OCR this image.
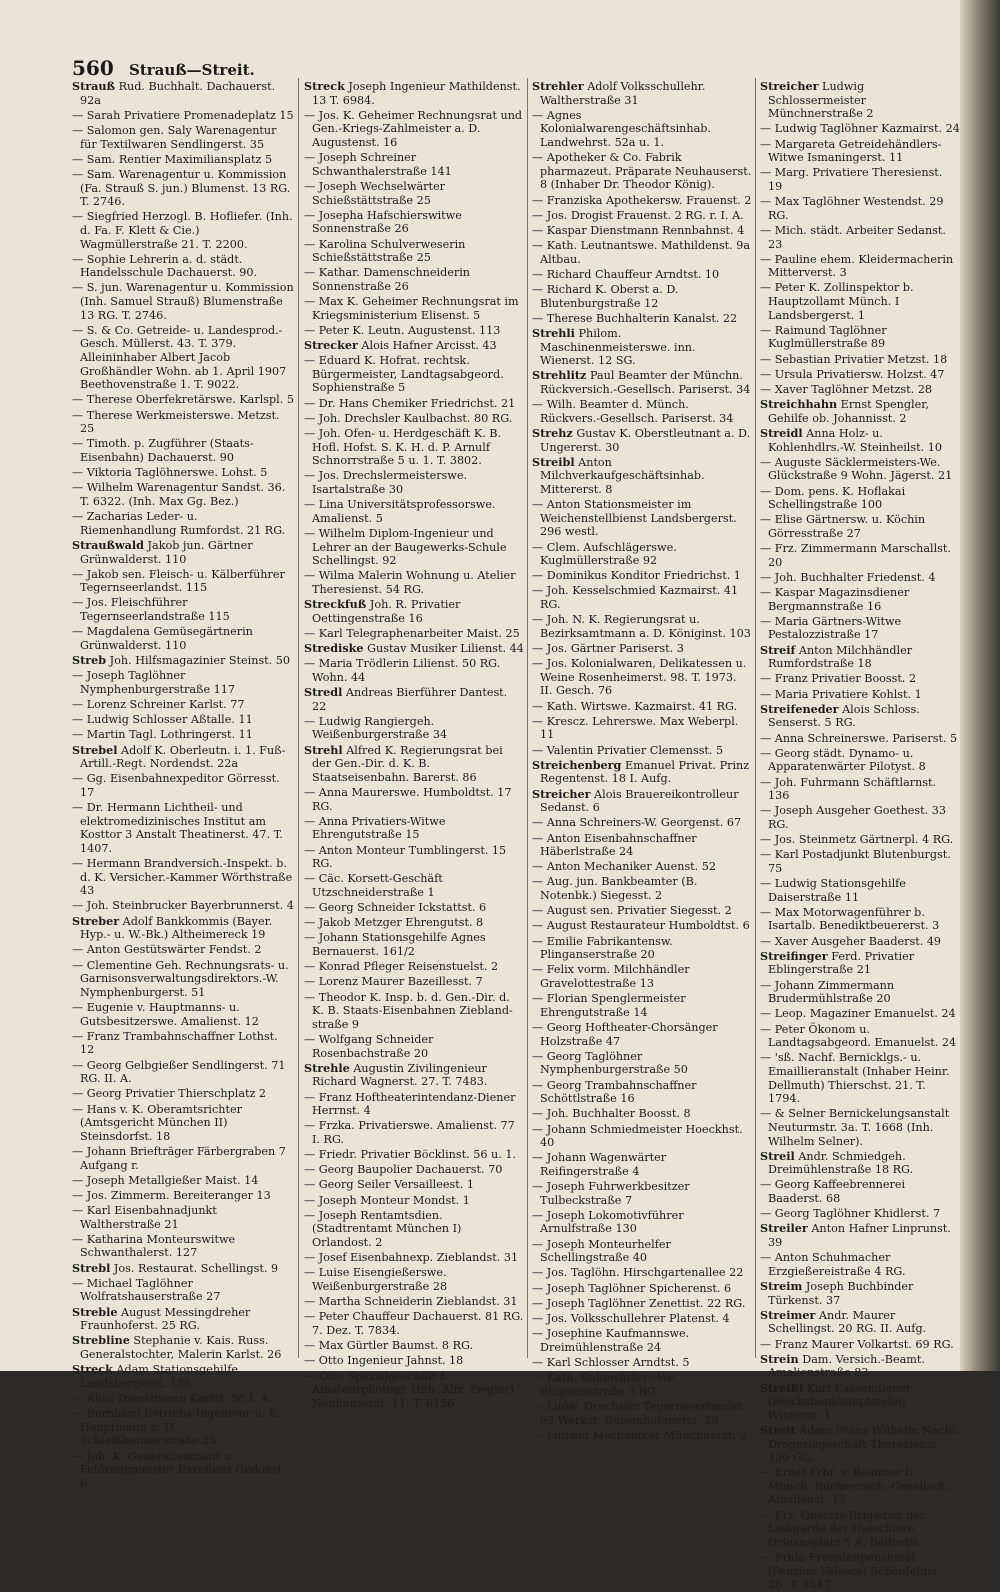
560 Strauß—Streit.
Strauß Rud. Buchhalt. Dachauerst. 92a
— Sarah Privatiere Promenadeplatz 15
— Salomon gen. Saly Warenagentur für Textilwaren Sendlingerst. 35
— Sam. Rentier Maximiliansplatz 5
— Sam. Warenagentur u. Kommission (Fa. Strauß S. jun.) Blumenst. 13 RG. T. 2746.
— Siegfried Herzogl. B. Hofliefer. (Inh. d. Fa. F. Klett & Cie.) Wagmüllerstraße 21. T. 2200.
— Sophie Lehrerin a. d. städt. Handelsschule Dachauerst. 90.
— S. jun. Warenagentur u. Kommission (Inh. Samuel Strauß) Blumenstraße 13 RG. T. 2746.
— S. & Co. Getreide- u. Landesprod.-Gesch. Müllerst. 43. T. 379. Alleininhaber Albert Jacob Großhändler Wohn. ab 1. April 1907 Beethovenstraße 1. T. 9022.
— Therese Oberfekretärswe. Karlspl. 5
— Therese Werkmeisterswe. Metzst. 25
— Timoth. p. Zugführer (Staats-Eisenbahn) Dachauerst. 90
— Viktoria Taglöhnerswe. Lohst. 5
— Wilhelm Warenagentur Sandst. 36. T. 6322. (Inh. Max Gg. Bez.)
— Zacharias Leder- u. Riemenhandlung Rumfordst. 21 RG.
Straußwald Jakob jun. Gärtner Grünwalderst. 110
— Jakob sen. Fleisch- u. Kälberführer Tegernseerlandst. 115
— Jos. Fleischführer Tegernseerlandstraße 115
— Magdalena Gemüsegärtnerin Grünwalderst. 110
Streb Joh. Hilfsmagazinier Steinst. 50
— Joseph Taglöhner Nymphenburgerstraße 117
— Lorenz Schreiner Karlst. 77
— Ludwig Schlosser Aßtalle. 11
— Martin Tagl. Lothringerst. 11
Strebel Adolf K. Oberleutn. i. 1. Fuß-Artill.-Regt. Nordendst. 22a
— Gg. Eisenbahnexpeditor Görresst. 17
— Dr. Hermann Lichtheil- und elektromedizinisches Institut am Kosttor 3 Anstalt Theatinerst. 47. T. 1407.
— Hermann Brandversich.-Inspekt. b. d. K. Versicher.-Kammer Wörthstraße 43
— Joh. Steinbrucker Bayerbrunnerst. 4
Streber Adolf Bankkommis (Bayer. Hyp.- u. W.-Bk.) Altheimereck 19
— Anton Gestütswärter Fendst. 2
— Clementine Geh. Rechnungsrats- u. Garnisonsverwaltungsdirektors.-W. Nymphenburgerst. 51
— Eugenie v. Hauptmanns- u. Gutsbesitzerswe. Amalienst. 12
— Franz Trambahnschaffner Lothst. 12
— Georg Gelbgießer Sendlingerst. 71 RG. II. A.
— Georg Privatier Thierschplatz 2
— Hans v. K. Oberamtsrichter (Amtsgericht München II) Steinsdorfst. 18
— Johann Briefträger Färbergraben 7 Aufgang r.
— Joseph Metallgießer Maist. 14
— Jos. Zimmerm. Bereiteranger 13
— Karl Eisenbahnadjunkt Waltherstraße 21
— Katharina Monteurswitwe Schwanthalerst. 127
Strebl Jos. Restaurat. Schellingst. 9
— Michael Taglöhner Wolfratshauserstraße 27
Streble August Messingdreher Fraunhoferst. 25 RG.
Strebline Stephanie v. Kais. Russ. Generalstochter, Malerin Karlst. 26
Streck Adam Stationsgehilfe Landsbergerst. 136
— Alois Dienstmann Karlst. 58 I. A.
— Bernhard Betriebs-Ingenieur u. K. Hauptmann a. D. Schleißheimerstraße 25
— Joh. K. Generalleutnant u. Feldzeugmeister Exzellenz Gedonst. 6
Streck Joseph Ingenieur Mathildenst. 13 T. 6984.
— Jos. K. Geheimer Rechnungsrat und Gen.-Kriegs-Zahlmeister a. D. Augustenst. 16
— Joseph Schreiner Schwanthalerstraße 141
— Joseph Wechselwärter Schießstättstraße 25
— Josepha Hafschierswitwe Sonnenstraße 26
— Karolina Schulverweserin Schießstättstraße 25
— Kathar. Damenschneiderin Sonnenstraße 26
— Max K. Geheimer Rechnungsrat im Kriegsministerium Elisenst. 5
— Peter K. Leutn. Augustenst. 113
Strecker Alois Hafner Arcisst. 43
— Eduard K. Hofrat. rechtsk. Bürgermeister, Landtagsabgeord. Sophienstraße 5
— Dr. Hans Chemiker Friedrichst. 21
— Joh. Drechsler Kaulbachst. 80 RG.
— Joh. Ofen- u. Herdgeschäft K. B. Hofl. Hofst. S. K. H. d. P. Arnulf Schnorrstraße 5 u. 1. T. 3802.
— Jos. Drechslermeisterswe. Isartalstraße 30
— Lina Universitätsprofessorswe. Amalienst. 5
— Wilhelm Diplom-Ingenieur und Lehrer an der Baugewerks-Schule Schellingst. 92
— Wilma Malerin Wohnung u. Atelier Theresienst. 54 RG.
Streckfuß Joh. R. Privatier Oettingenstraße 16
— Karl Telegraphenarbeiter Maist. 25
Strediske Gustav Musiker Lilienst. 44
— Maria Trödlerin Lilienst. 50 RG. Wohn. 44
Stredl Andreas Bierführer Dantest. 22
— Ludwig Rangiergeh. Weißenburgerstraße 34
Strehl Alfred K. Regierungsrat bei der Gen.-Dir. d. K. B. Staatseisenbahn. Barerst. 86
— Anna Maurerswe. Humboldtst. 17 RG.
— Anna Privatiers-Witwe Ehrengutstraße 15
— Anton Monteur Tumblingerst. 15 RG.
— Cäc. Korsett-Geschäft Utzschneiderstraße 1
— Georg Schneider Ickstattst. 6
— Jakob Metzger Ehrengutst. 8
— Johann Stationsgehilfe Agnes Bernauerst. 161/2
— Konrad Pfleger Reisenstuelst. 2
— Lorenz Maurer Bazeillesst. 7
— Theodor K. Insp. b. d. Gen.-Dir. d. K. B. Staats-Eisenbahnen Ziebland-straße 9
— Wolfgang Schneider Rosenbachstraße 20
Strehle Augustin Zivilingenieur Richard Wagnerst. 27. T. 7483.
— Franz Hoftheaterintendanz-Diener Herrnst. 4
— Frzka. Privatierswe. Amalienst. 77 I. RG.
— Friedr. Privatier Böcklinst. 56 u. 1.
— Georg Baupolier Dachauerst. 70
— Georg Seiler Versailleest. 1
— Joseph Monteur Mondst. 1
— Joseph Rentamtsdien. (Stadtrentamt München I) Orlandost. 2
— Josef Eisenbahnexp. Zieblandst. 31
— Luise Eisengießerswe. Weißenburgerstraße 28
— Martha Schneiderin Zieblandst. 31
— Peter Chauffeur Dachauerst. 81 RG. 7. Dez. T. 7834.
— Max Gürtler Baumst. 8 RG.
— Otto Ingenieur Jahnst. 18
— Otto Spezialgeschäft f. Amateurphotogr. (Inh. Alfr. Ziegler) Neuhauserst. 11. T. 6156.
Strehler Adolf Volksschullehr. Waltherstraße 31
— Agnes Kolonialwarengeschäftsinhab. Landwehrst. 52a u. 1.
— Apotheker & Co. Fabrik pharmazeut. Präparate Neuhauserst. 8 (Inhaber Dr. Theodor König).
— Franziska Apothekersw. Frauenst. 2
— Jos. Drogist Frauenst. 2 RG. r. I. A.
— Kaspar Dienstmann Rennbahnst. 4
— Kath. Leutnantswe. Mathildenst. 9a Altbau.
— Richard Chauffeur Arndtst. 10
— Richard K. Oberst a. D. Blutenburgstraße 12
— Therese Buchhalterin Kanalst. 22
Strehli Philom. Maschinenmeisterswe. inn. Wienerst. 12 SG.
Strehlitz Paul Beamter der Münchn. Rückversich.-Gesellsch. Pariserst. 34
— Wilh. Beamter d. Münch. Rückvers.-Gesellsch. Pariserst. 34
Strehz Gustav K. Oberstleutnant a. D. Ungererst. 30
Streibl Anton Milchverkaufgeschäftsinhab. Mittererst. 8
— Anton Stationsmeister im Weichenstellbienst Landsbergerst. 296 westl.
— Clem. Aufschlägerswe. Kuglmüllerstraße 92
— Dominikus Konditor Friedrichst. 1
— Joh. Kesselschmied Kazmairst. 41 RG.
— Joh. N. K. Regierungsrat u. Bezirksamtmann a. D. Königinst. 103
— Jos. Gärtner Pariserst. 3
— Jos. Kolonialwaren, Delikatessen u. Weine Rosenheimerst. 98. T. 1973. II. Gesch. 76
— Kath. Wirtswe. Kazmairst. 41 RG.
— Krescz. Lehrerswe. Max Weberpl. 11
— Valentin Privatier Clemensst. 5
Streichenberg Emanuel Privat. Prinz Regentenst. 18 I. Aufg.
Streicher Alois Brauereikontrolleur Sedanst. 6
— Anna Schreiners-W. Georgenst. 67
— Anton Eisenbahnschaffner Häberlstraße 24
— Anton Mechaniker Auenst. 52
— Aug. jun. Bankbeamter (B. Notenbk.) Siegesst. 2
— August sen. Privatier Siegesst. 2
— August Restaurateur Humboldtst. 6
— Emilie Fabrikantensw. Plinganserstraße 20
— Felix vorm. Milchhändler Gravelottestraße 13
— Florian Spenglermeister Ehrengutstraße 14
— Georg Hoftheater-Chorsänger Holzstraße 47
— Georg Taglöhner Nymphenburgerstraße 50
— Georg Trambahnschaffner Schöttlstraße 16
— Joh. Buchhalter Boosst. 8
— Johann Schmiedmeister Hoeckhst. 40
— Johann Wagenwärter Reifingerstraße 4
— Joseph Fuhrwerkbesitzer Tulbeckstraße 7
— Joseph Lokomotivführer Arnulfstraße 130
— Joseph Monteurhelfer Schellingstraße 40
— Jos. Taglöhn. Hirschgartenallee 22
— Joseph Taglöhner Spicherenst. 6
— Joseph Taglöhner Zenettist. 22 RG.
— Jos. Volksschullehrer Platenst. 4
— Josephine Kaufmannswe. Dreimühlenstraße 24
— Karl Schlosser Arndtst. 5
— Kath. Bahnwärters-We. Ringseisstraße 3 RG.
— Ludw. Drechsler Tegernseerlandst. 93 Werkst. Deisenhofenerst. 28.
— Ludwig Mechaniker Münchnerst. 2
Streicher Ludwig Schlossermeister Münchnerstraße 2
— Ludwig Taglöhner Kazmairst. 24
— Margareta Getreidehändlers-Witwe Ismaningerst. 11
— Marg. Privatiere Theresienst. 19
— Max Taglöhner Westendst. 29 RG.
— Mich. städt. Arbeiter Sedanst. 23
— Pauline ehem. Kleidermacherin Mitterverst. 3
— Peter K. Zollinspektor b. Hauptzollamt Münch. I Landsbergerst. 1
— Raimund Taglöhner Kuglmüllerstraße 89
— Sebastian Privatier Metzst. 18
— Ursula Privatiersw. Holzst. 47
— Xaver Taglöhner Metzst. 28
Streichhahn Ernst Spengler, Gehilfe ob. Johannisst. 2
Streidl Anna Holz- u. Kohlenhdlrs.-W. Steinheilst. 10
— Auguste Säcklermeisters-We. Glückstraße 9 Wohn. Jägerst. 21
— Dom. pens. K. Hoflakai Schellingstraße 100
— Elise Gärtnersw. u. Köchin Görresstraße 27
— Frz. Zimmermann Marschallst. 20
— Joh. Buchhalter Friedenst. 4
— Kaspar Magazinsdiener Bergmannstraße 16
— Maria Gärtners-Witwe Pestalozzistraße 17
Streif Anton Milchhändler Rumfordstraße 18
— Franz Privatier Boosst. 2
— Maria Privatiere Kohlst. 1
Streifeneder Alois Schloss. Senserst. 5 RG.
— Anna Schreinerswe. Pariserst. 5
— Georg städt. Dynamo- u. Apparatenwärter Pilotyst. 8
— Joh. Fuhrmann Schäftlarnst. 136
— Joseph Ausgeher Goethest. 33 RG.
— Jos. Steinmetz Gärtnerpl. 4 RG.
— Karl Postadjunkt Blutenburgst. 75
— Ludwig Stationsgehilfe Daiserstraße 11
— Max Motorwagenführer b. Isartalb. Benediktbeuererst. 3
— Xaver Ausgeher Baaderst. 49
Streifinger Ferd. Privatier Eblingerstraße 21
— Johann Zimmermann Brudermühlstraße 20
— Leop. Magaziner Emanuelst. 24
— Peter Ökonom u. Landtagsabgeord. Emanuelst. 24
— 'sß. Nachf. Bernicklgs.- u. Emaillieranstalt (Inhaber Heinr. Dellmuth) Thierschst. 21. T. 1794.
— & Selner Bernickelungsanstalt Neuturmstr. 3a. T. 1668 (Inh. Wilhelm Selner).
Streil Andr. Schmiedgeh. Dreimühlenstraße 18 RG.
— Georg Kaffeebrennerei Baaderst. 68
— Georg Taglöhner Khidlerst. 7
Streiler Anton Hafner Linprunst. 39
— Anton Schuhmacher Erzgießereistraße 4 RG.
Streim Joseph Buchbinder Türkenst. 37
Streimer Andr. Maurer Schellingst. 20 RG. II. Aufg.
— Franz Maurer Volkartst. 69 RG.
Strein Dam. Versich.-Beamt. Amalienstraße 83
Streißl Karl Kassendiener (Reichsbankhauptstelle) Winterst. 1
Streit Adam Franz Wilhelm Nachf. Drogeriegeschäft Theresienst. 130 GG.
— Ernst Frhr. v. Beamter b. Münch. Rückversich.-Gesellsch. Amalienst. 12
— Frz. Obersts-Brigadier der Leibgarde der Hatschiere Orleansplatz 5 A. Belfortst.
— Frida Fremdenpensionat (Pension Valesca) Schönfeldst. 26. T. 4547.
